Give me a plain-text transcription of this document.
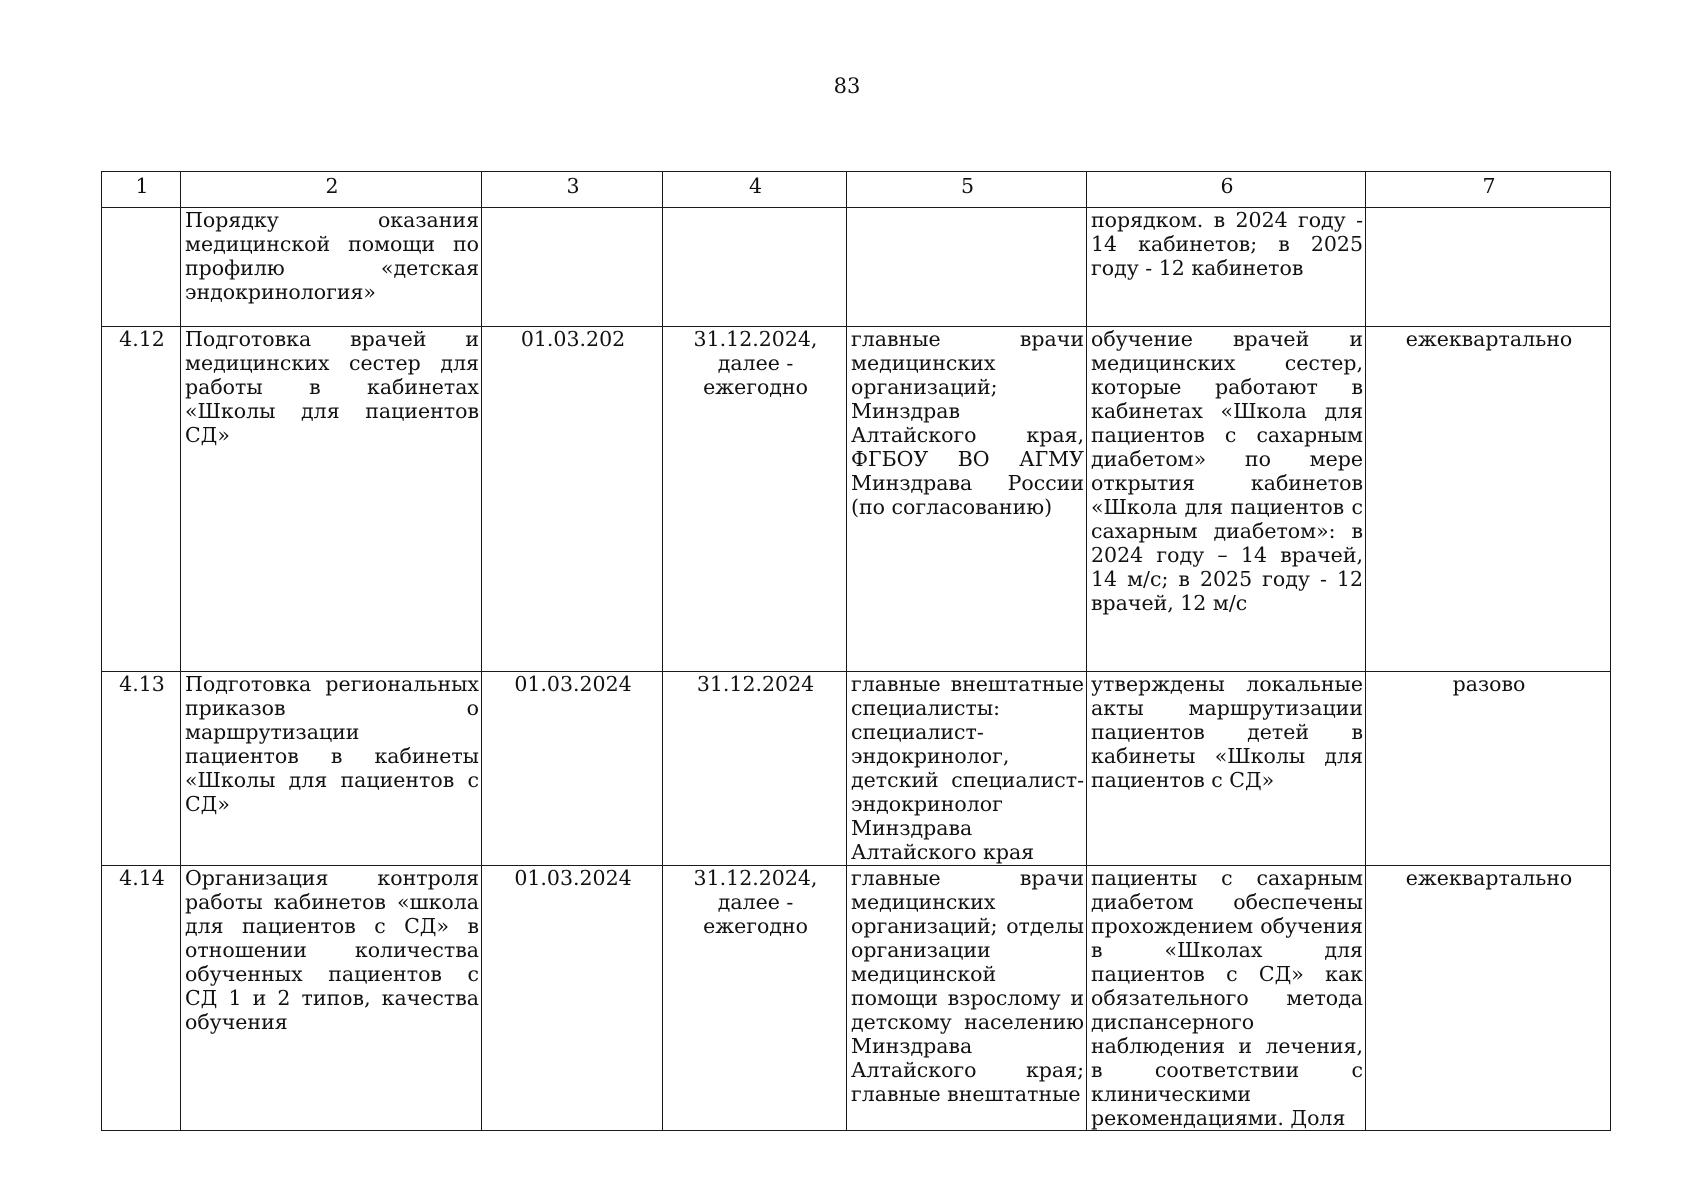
83
1	2	3	4	5	6	7
	Порядку оказания медицинской помощи по профилю «детская эндокринология»				порядком. в 2024 году - 14 кабинетов; в 2025 году - 12 кабинетов	
4.12	Подготовка врачей и медицинских сестер для работы в кабинетах «Школы для пациентов СД»	01.03.202	31.12.2024, далее - ежегодно	главные врачи медицинских организаций; Минздрав Алтайского края, ФГБОУ ВО АГМУ Минздрава России (по согласованию)	обучение врачей и медицинских сестер, которые работают в кабинетах «Школа для пациентов с сахарным диабетом» по мере открытия кабинетов «Школа для пациентов с сахарным диабетом»: в 2024 году – 14 врачей, 14 м/с; в 2025 году - 12 врачей, 12 м/с	ежеквартально
4.13	Подготовка региональных приказов о маршрутизации пациентов в кабинеты «Школы для пациентов с СД»	01.03.2024	31.12.2024	главные внештатные специалисты: специалист-эндокринолог, детский специалист-эндокринолог Минздрава Алтайского края	утверждены локальные акты маршрутизации пациентов детей в кабинеты «Школы для пациентов с СД»	разово
4.14	Организация контроля работы кабинетов «школа для пациентов с СД» в отношении количества обученных пациентов с СД 1 и 2 типов, качества обучения	01.03.2024	31.12.2024, далее - ежегодно	главные врачи медицинских организаций; отделы организации медицинской помощи взрослому и детскому населению Минздрава Алтайского края; главные внештатные	пациенты с сахарным диабетом обеспечены прохождением обучения в «Школах для пациентов с СД» как обязательного метода диспансерного наблюдения и лечения, в соответствии с клиническими рекомендациями. Доля	ежеквартально
